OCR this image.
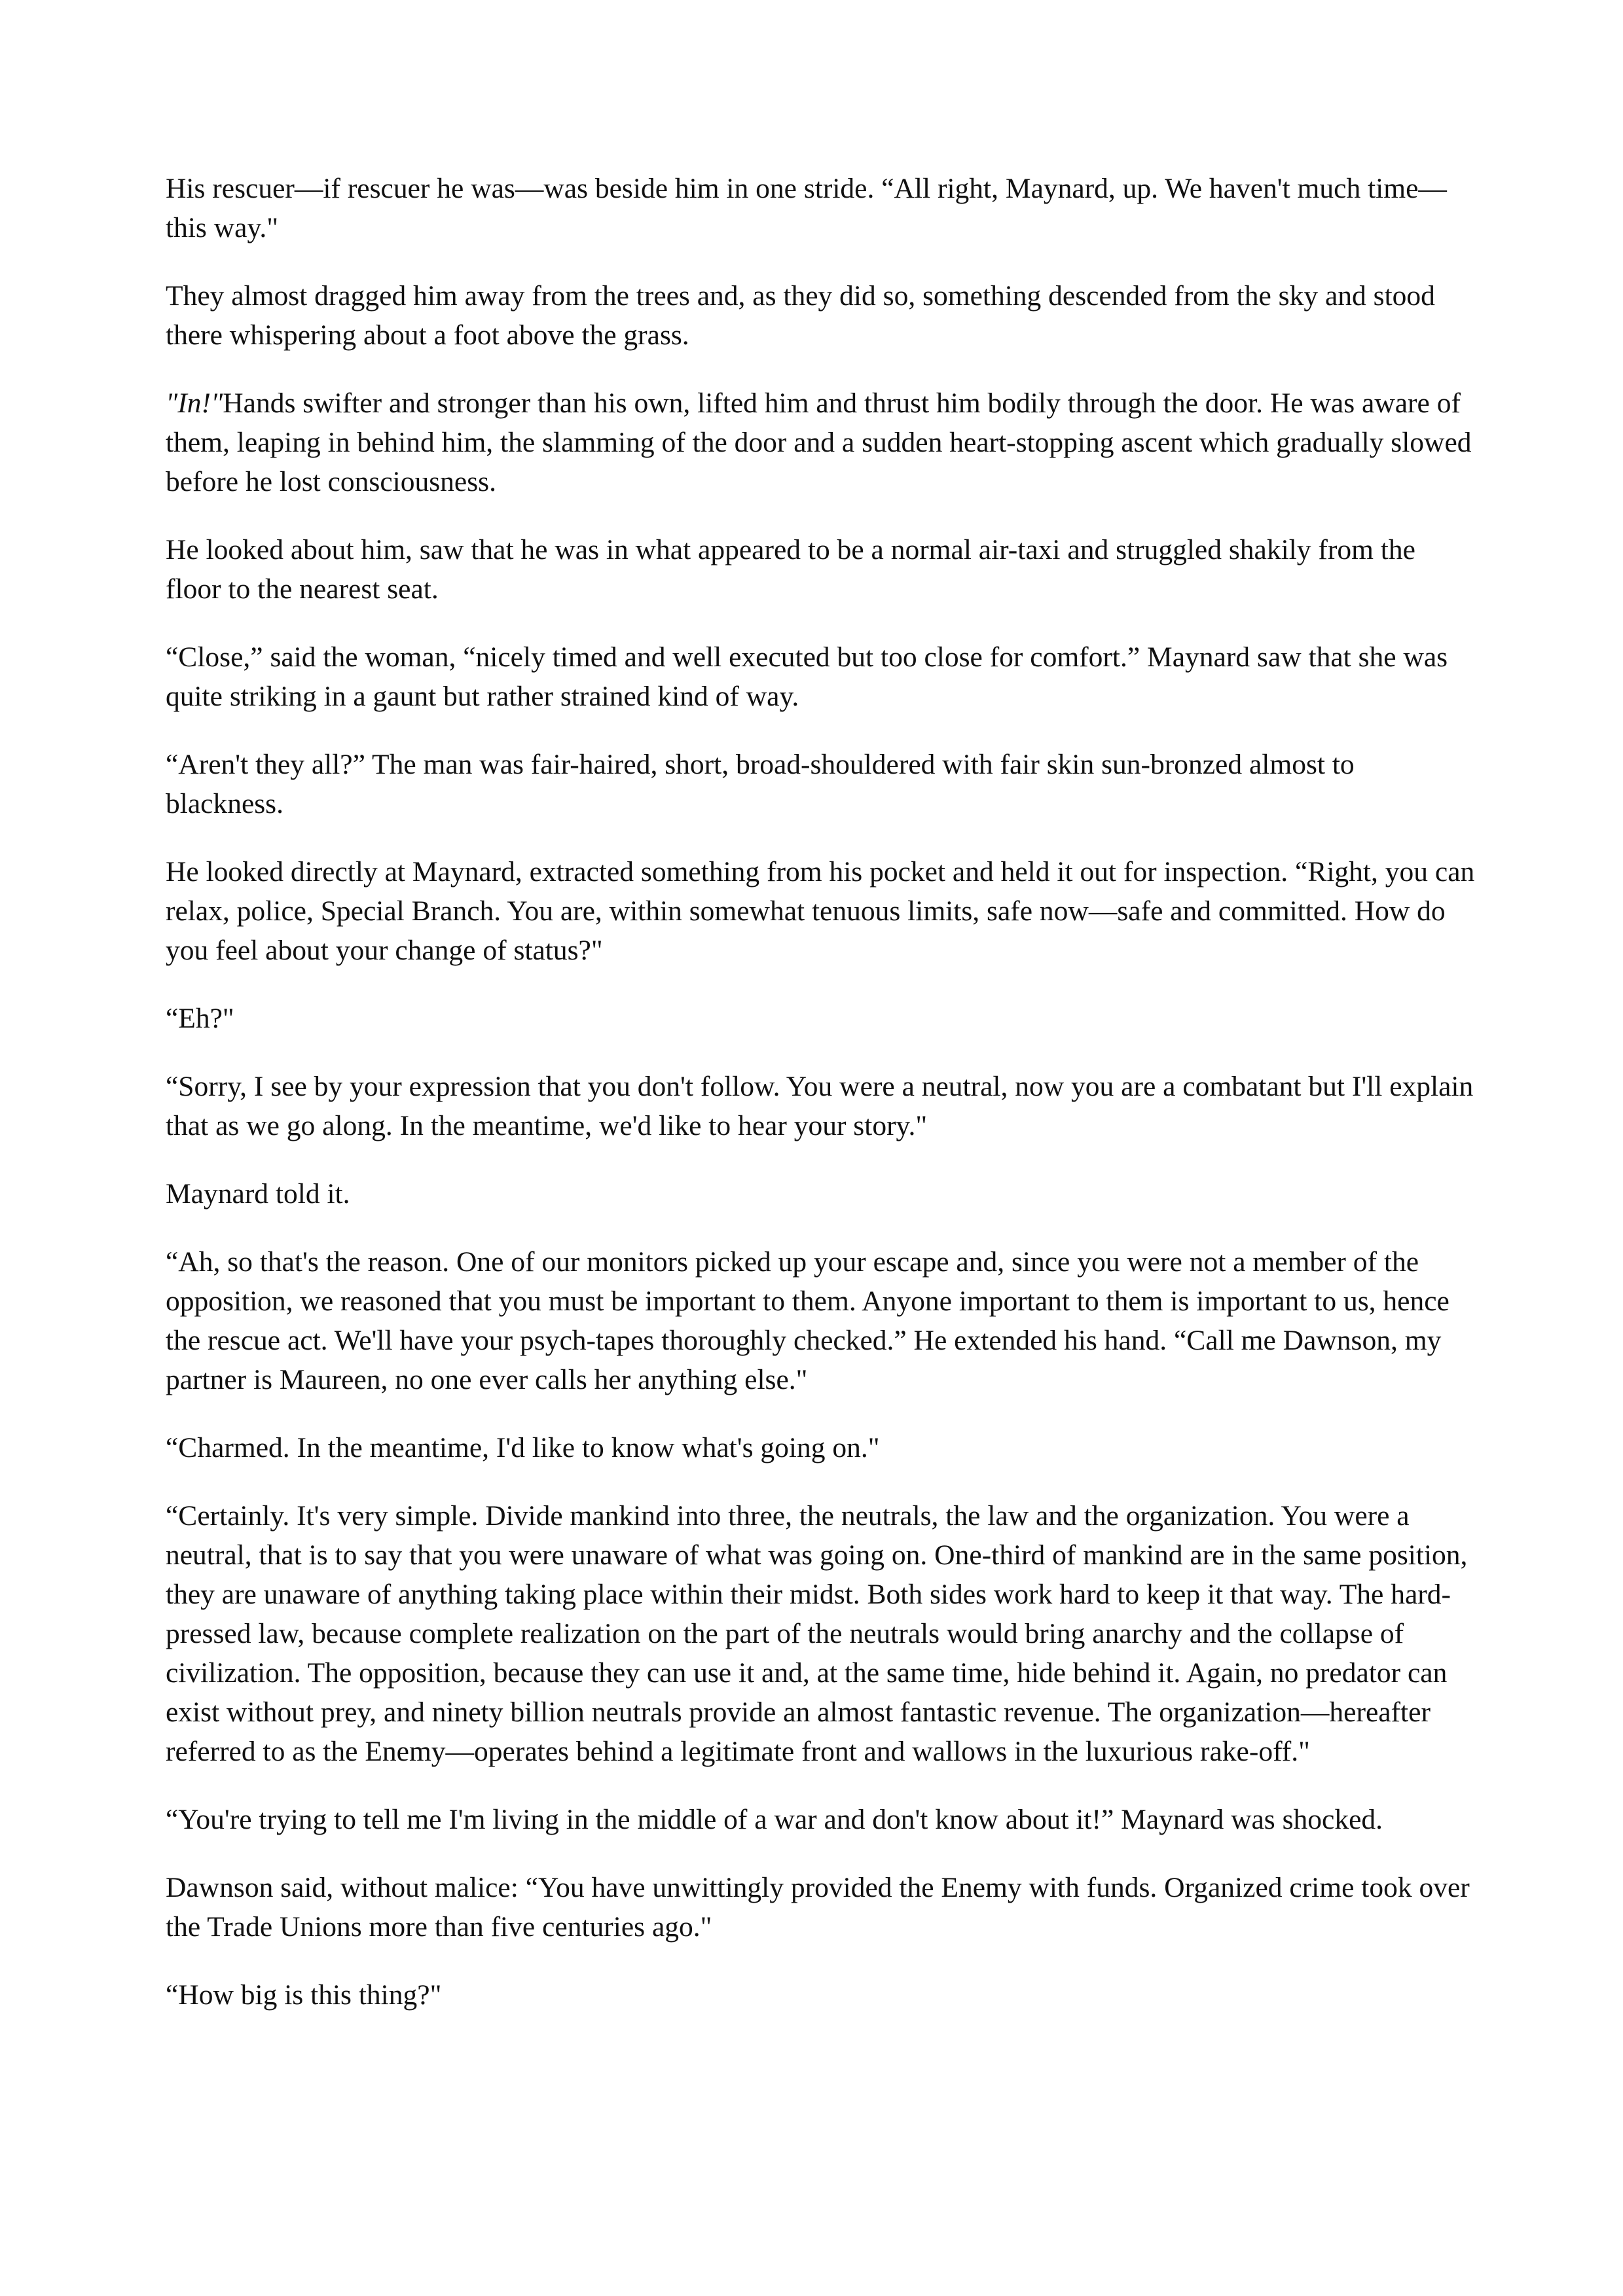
His rescuer—if rescuer he was—was beside him in one stride. “All right, Maynard, up. We haven't much time—this way."

They almost dragged him away from the trees and, as they did so, something descended from the sky and stood there whispering about a foot above the grass.

"In!"Hands swifter and stronger than his own, lifted him and thrust him bodily through the door. He was aware of them, leaping in behind him, the slamming of the door and a sudden heart-stopping ascent which gradually slowed before he lost consciousness.

He looked about him, saw that he was in what appeared to be a normal air-taxi and struggled shakily from the floor to the nearest seat.

“Close,” said the woman, “nicely timed and well executed but too close for comfort.” Maynard saw that she was quite striking in a gaunt but rather strained kind of way.

“Aren't they all?” The man was fair-haired, short, broad-shouldered with fair skin sun-bronzed almost to blackness.

He looked directly at Maynard, extracted something from his pocket and held it out for inspection. “Right, you can relax, police, Special Branch. You are, within somewhat tenuous limits, safe now—safe and committed. How do you feel about your change of status?"

“Eh?"

“Sorry, I see by your expression that you don't follow. You were a neutral, now you are a combatant but I'll explain that as we go along. In the meantime, we'd like to hear your story."

Maynard told it.

“Ah, so that's the reason. One of our monitors picked up your escape and, since you were not a member of the opposition, we reasoned that you must be important to them. Anyone important to them is important to us, hence the rescue act. We'll have your psych-tapes thoroughly checked.” He extended his hand. “Call me Dawnson, my partner is Maureen, no one ever calls her anything else."

“Charmed. In the meantime, I'd like to know what's going on."

“Certainly. It's very simple. Divide mankind into three, the neutrals, the law and the organization. You were a neutral, that is to say that you were unaware of what was going on. One-third of mankind are in the same position, they are unaware of anything taking place within their midst. Both sides work hard to keep it that way. The hard-pressed law, because complete realization on the part of the neutrals would bring anarchy and the collapse of civilization. The opposition, because they can use it and, at the same time, hide behind it. Again, no predator can exist without prey, and ninety billion neutrals provide an almost fantastic revenue. The organization—hereafter referred to as the Enemy—operates behind a legitimate front and wallows in the luxurious rake-off."

“You're trying to tell me I'm living in the middle of a war and don't know about it!” Maynard was shocked.

Dawnson said, without malice: “You have unwittingly provided the Enemy with funds. Organized crime took over the Trade Unions more than five centuries ago."

“How big is this thing?"
